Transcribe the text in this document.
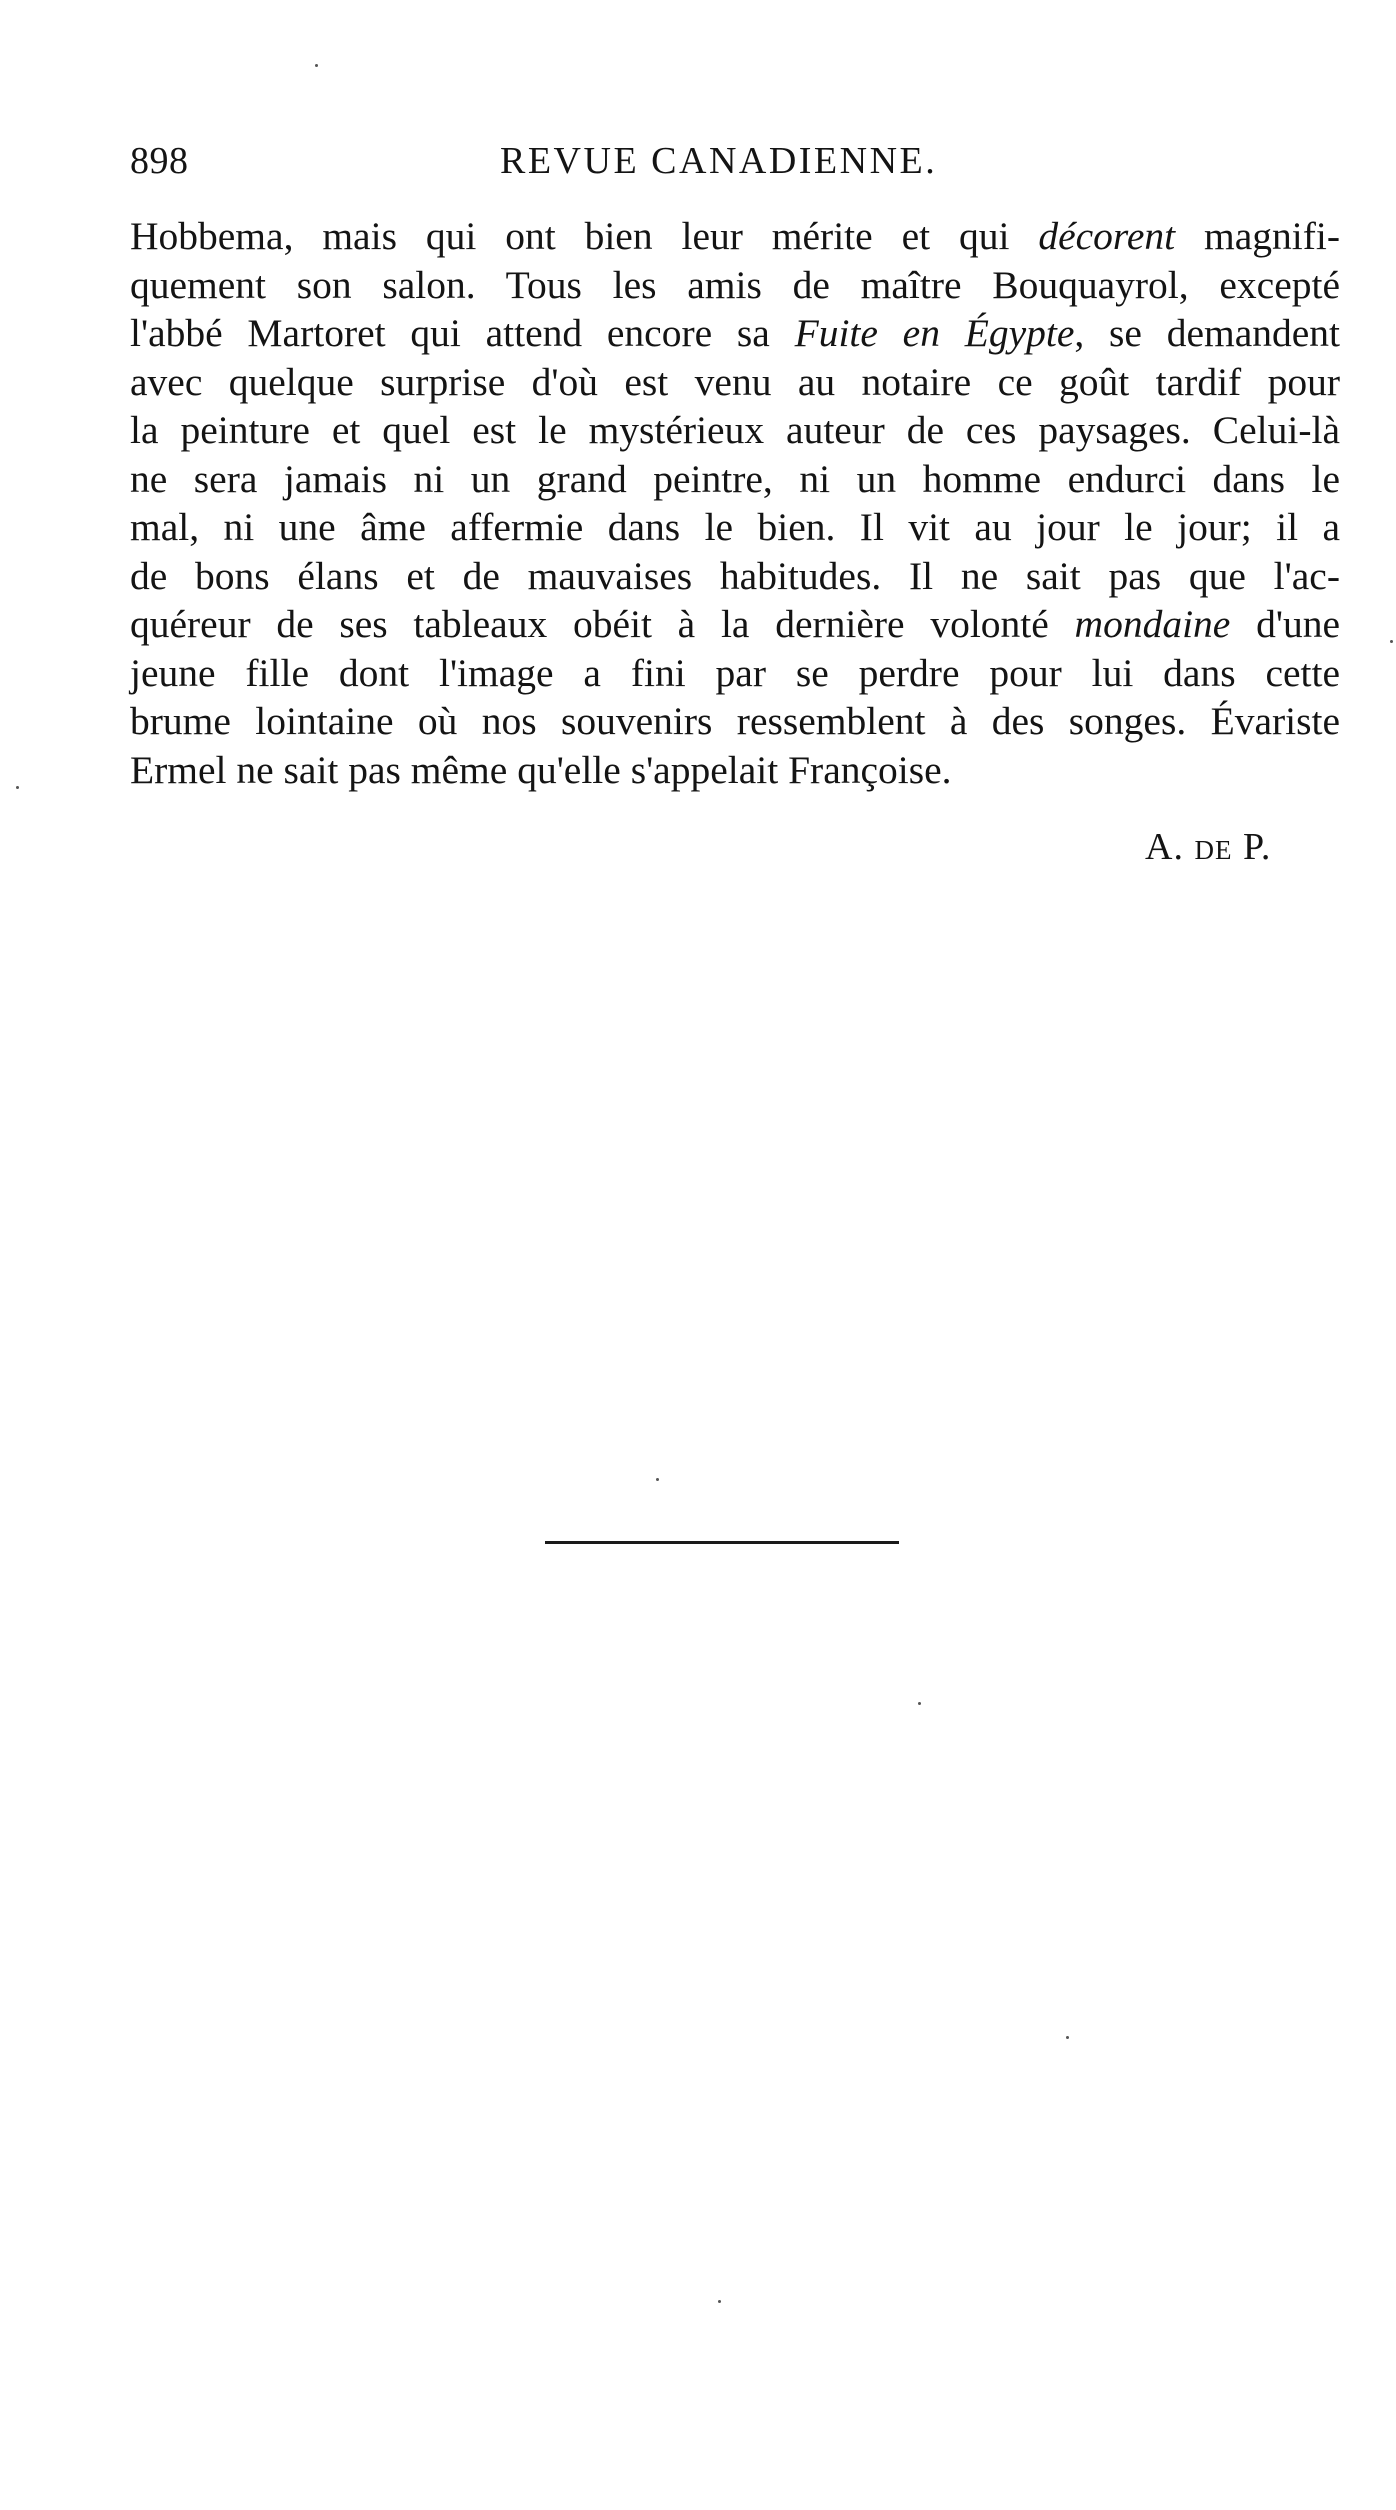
898	REVUE CANADIENNE.
Hobbema, mais qui ont bien leur mérite et qui décorent magnifi-
quement son salon. Tous les amis de maître Bouquayrol, excepté
l'abbé Martoret qui attend encore sa Fuite en Égypte, se demandent
avec quelque surprise d'où est venu au notaire ce goût tardif pour
la peinture et quel est le mystérieux auteur de ces paysages. Celui-là
ne sera jamais ni un grand peintre, ni un homme endurci dans le
mal, ni une âme affermie dans le bien. Il vit au jour le jour; il a
de bons élans et de mauvaises habitudes. Il ne sait pas que l'ac-
quéreur de ses tableaux obéit à la dernière volonté mondaine d'une
jeune fille dont l'image a fini par se perdre pour lui dans cette
brume lointaine où nos souvenirs ressemblent à des songes. Évariste
Ermel ne sait pas même qu'elle s'appelait Françoise.
A. DE P.
